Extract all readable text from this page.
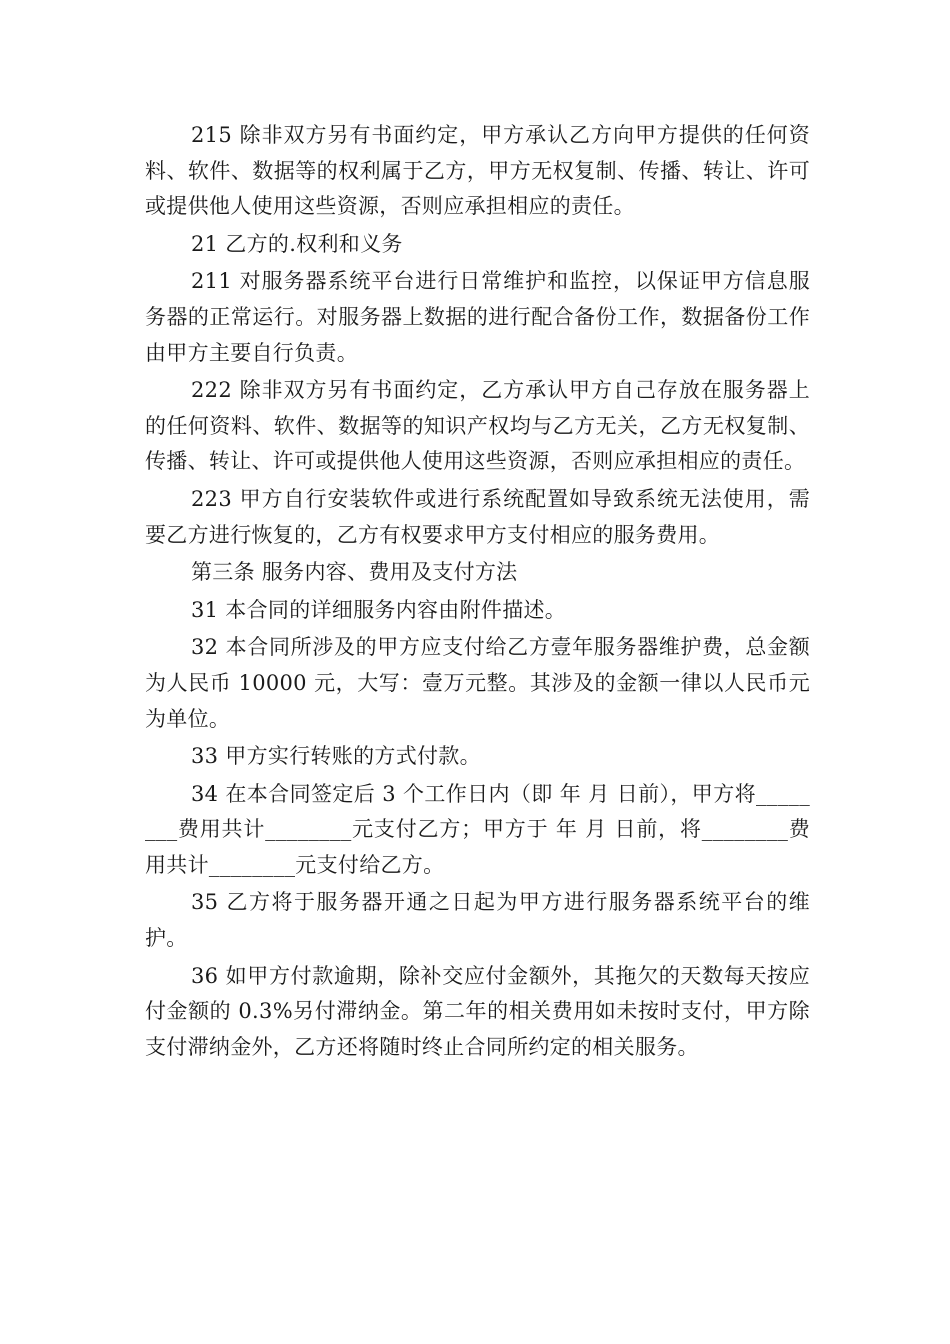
215 除非双方另有书面约定，甲方承认乙方向甲方提供的任何资料、软件、数据等的权利属于乙方，甲方无权复制、传播、转让、许可或提供他人使用这些资源，否则应承担相应的责任。

21 乙方的.权利和义务

211 对服务器系统平台进行日常维护和监控，以保证甲方信息服务器的正常运行。对服务器上数据的进行配合备份工作，数据备份工作由甲方主要自行负责。

222 除非双方另有书面约定，乙方承认甲方自己存放在服务器上的任何资料、软件、数据等的知识产权均与乙方无关，乙方无权复制、传播、转让、许可或提供他人使用这些资源，否则应承担相应的责任。

223 甲方自行安装软件或进行系统配置如导致系统无法使用，需要乙方进行恢复的，乙方有权要求甲方支付相应的服务费用。

第三条 服务内容、费用及支付方法

31 本合同的详细服务内容由附件描述。

32 本合同所涉及的甲方应支付给乙方壹年服务器维护费，总金额为人民币 10000 元，大写：壹万元整。其涉及的金额一律以人民币元为单位。

33 甲方实行转账的方式付款。

34 在本合同签定后 3 个工作日内（即 年 月 日前），甲方将________费用共计________元支付乙方；甲方于 年 月 日前，将________费用共计________元支付给乙方。

35 乙方将于服务器开通之日起为甲方进行服务器系统平台的维护。

36 如甲方付款逾期，除补交应付金额外，其拖欠的天数每天按应付金额的 0.3%另付滞纳金。第二年的相关费用如未按时支付，甲方除支付滞纳金外，乙方还将随时终止合同所约定的相关服务。
